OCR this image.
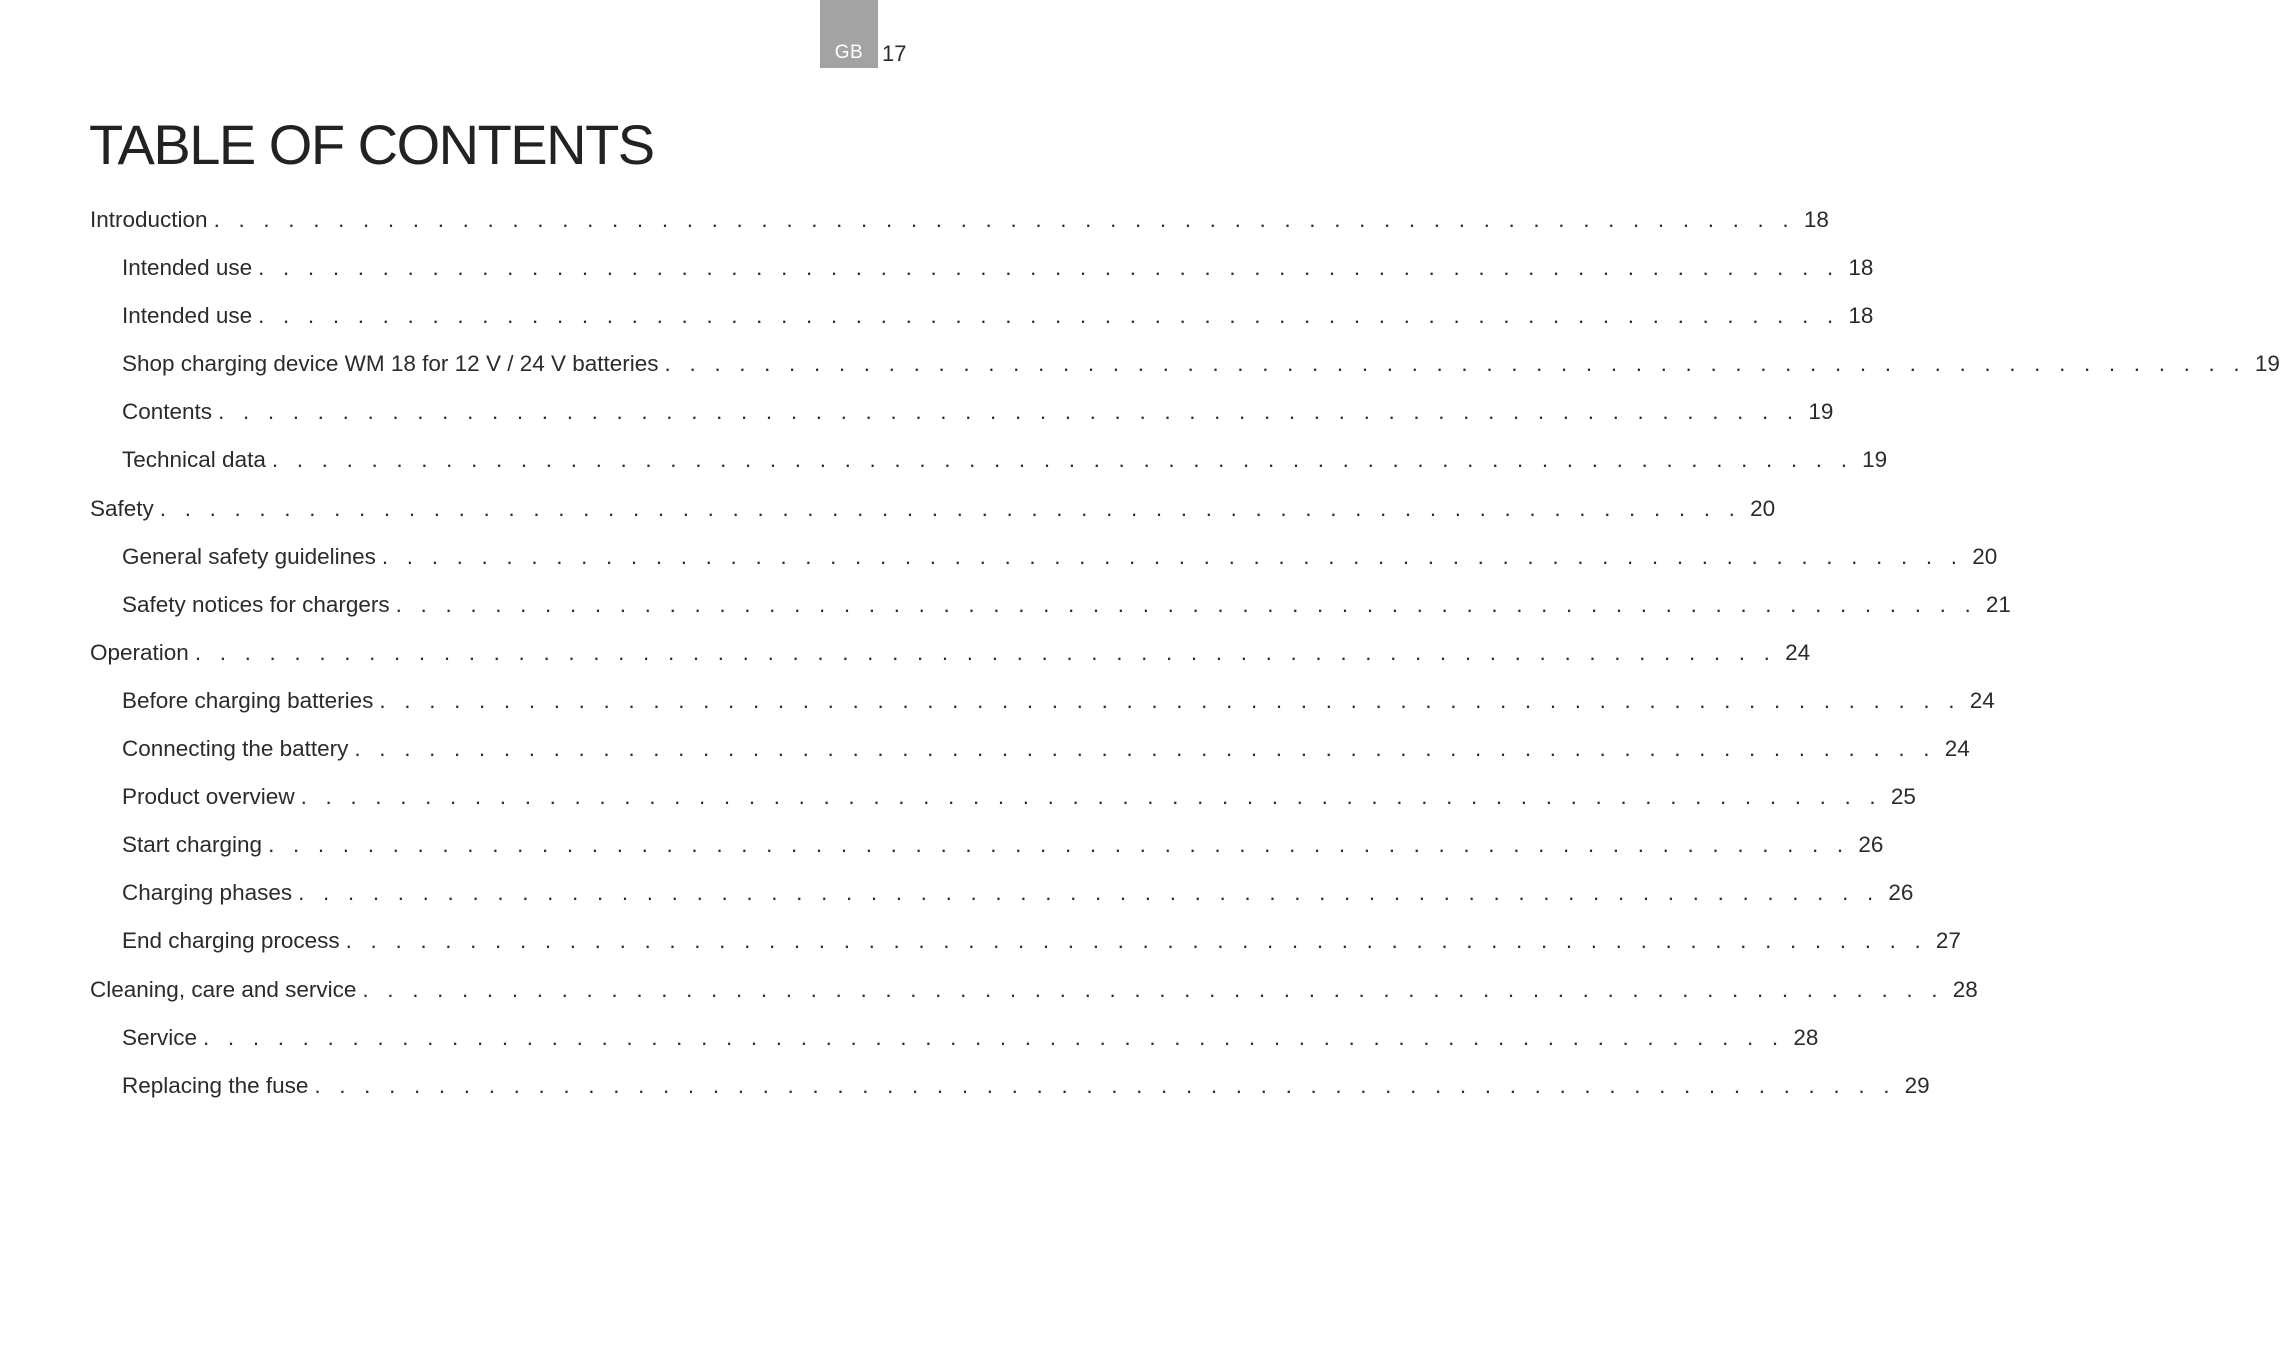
GB 17
TABLE OF CONTENTS
Introduction . . . . . . . . . . . . . . . . . . . . . . . . . . . . . . . . . . . . . . . . . . . . . . . . . . . . . . . . . . . . . . . . 18
Intended use . . . . . . . . . . . . . . . . . . . . . . . . . . . . . . . . . . . . . . . . . . . . . . . . . . . . . . . . . . . . . . . . 18
Intended use . . . . . . . . . . . . . . . . . . . . . . . . . . . . . . . . . . . . . . . . . . . . . . . . . . . . . . . . . . . . . . . . 18
Shop charging device WM 18 for 12 V / 24 V batteries . . . . . . . . . . . . . . . . . . . . . . . . . . . . . . . . . . . . . . . . . . . . . . . . . . . . . . . . . . . . . . . . 19
Contents . . . . . . . . . . . . . . . . . . . . . . . . . . . . . . . . . . . . . . . . . . . . . . . . . . . . . . . . . . . . . . . . 19
Technical data . . . . . . . . . . . . . . . . . . . . . . . . . . . . . . . . . . . . . . . . . . . . . . . . . . . . . . . . . . . . . . . . 19
Safety . . . . . . . . . . . . . . . . . . . . . . . . . . . . . . . . . . . . . . . . . . . . . . . . . . . . . . . . . . . . . . . . 20
General safety guidelines . . . . . . . . . . . . . . . . . . . . . . . . . . . . . . . . . . . . . . . . . . . . . . . . . . . . . . . . . . . . . . . . 20
Safety notices for chargers . . . . . . . . . . . . . . . . . . . . . . . . . . . . . . . . . . . . . . . . . . . . . . . . . . . . . . . . . . . . . . . . 21
Operation . . . . . . . . . . . . . . . . . . . . . . . . . . . . . . . . . . . . . . . . . . . . . . . . . . . . . . . . . . . . . . . . 24
Before charging batteries . . . . . . . . . . . . . . . . . . . . . . . . . . . . . . . . . . . . . . . . . . . . . . . . . . . . . . . . . . . . . . . . 24
Connecting the battery . . . . . . . . . . . . . . . . . . . . . . . . . . . . . . . . . . . . . . . . . . . . . . . . . . . . . . . . . . . . . . . . 24
Product overview . . . . . . . . . . . . . . . . . . . . . . . . . . . . . . . . . . . . . . . . . . . . . . . . . . . . . . . . . . . . . . . . 25
Start charging . . . . . . . . . . . . . . . . . . . . . . . . . . . . . . . . . . . . . . . . . . . . . . . . . . . . . . . . . . . . . . . . 26
Charging phases . . . . . . . . . . . . . . . . . . . . . . . . . . . . . . . . . . . . . . . . . . . . . . . . . . . . . . . . . . . . . . . . 26
End charging process . . . . . . . . . . . . . . . . . . . . . . . . . . . . . . . . . . . . . . . . . . . . . . . . . . . . . . . . . . . . . . . . 27
Cleaning, care and service . . . . . . . . . . . . . . . . . . . . . . . . . . . . . . . . . . . . . . . . . . . . . . . . . . . . . . . . . . . . . . . . 28
Service . . . . . . . . . . . . . . . . . . . . . . . . . . . . . . . . . . . . . . . . . . . . . . . . . . . . . . . . . . . . . . . . 28
Replacing the fuse . . . . . . . . . . . . . . . . . . . . . . . . . . . . . . . . . . . . . . . . . . . . . . . . . . . . . . . . . . . . . . . . 29
